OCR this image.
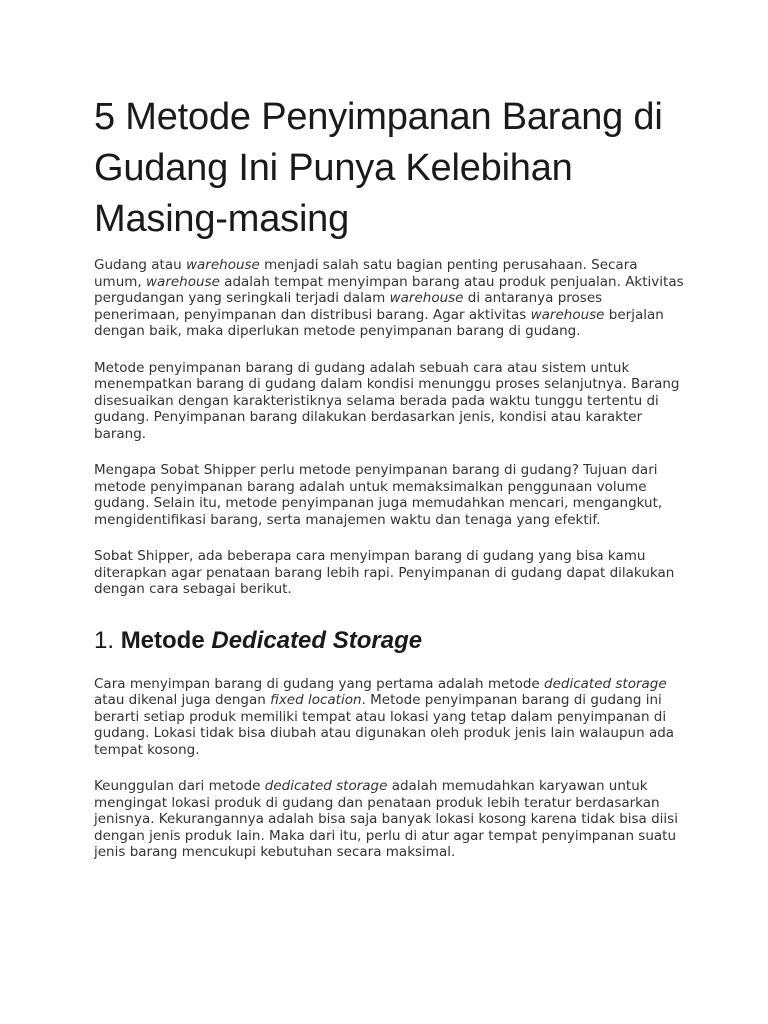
5 Metode Penyimpanan Barang di Gudang Ini Punya Kelebihan Masing-masing

Gudang atau warehouse menjadi salah satu bagian penting perusahaan. Secara umum, warehouse adalah tempat menyimpan barang atau produk penjualan. Aktivitas pergudangan yang seringkali terjadi dalam warehouse di antaranya proses penerimaan, penyimpanan dan distribusi barang. Agar aktivitas warehouse berjalan dengan baik, maka diperlukan metode penyimpanan barang di gudang.

Metode penyimpanan barang di gudang adalah sebuah cara atau sistem untuk menempatkan barang di gudang dalam kondisi menunggu proses selanjutnya. Barang disesuaikan dengan karakteristiknya selama berada pada waktu tunggu tertentu di gudang. Penyimpanan barang dilakukan berdasarkan jenis, kondisi atau karakter barang.

Mengapa Sobat Shipper perlu metode penyimpanan barang di gudang? Tujuan dari metode penyimpanan barang adalah untuk memaksimalkan penggunaan volume gudang. Selain itu, metode penyimpanan juga memudahkan mencari, mengangkut, mengidentifikasi barang, serta manajemen waktu dan tenaga yang efektif.

Sobat Shipper, ada beberapa cara menyimpan barang di gudang yang bisa kamu diterapkan agar penataan barang lebih rapi. Penyimpanan di gudang dapat dilakukan dengan cara sebagai berikut.

1. Metode Dedicated Storage

Cara menyimpan barang di gudang yang pertama adalah metode dedicated storage atau dikenal juga dengan fixed location. Metode penyimpanan barang di gudang ini berarti setiap produk memiliki tempat atau lokasi yang tetap dalam penyimpanan di gudang. Lokasi tidak bisa diubah atau digunakan oleh produk jenis lain walaupun ada tempat kosong.

Keunggulan dari metode dedicated storage adalah memudahkan karyawan untuk mengingat lokasi produk di gudang dan penataan produk lebih teratur berdasarkan jenisnya. Kekurangannya adalah bisa saja banyak lokasi kosong karena tidak bisa diisi dengan jenis produk lain. Maka dari itu, perlu di atur agar tempat penyimpanan suatu jenis barang mencukupi kebutuhan secara maksimal.
